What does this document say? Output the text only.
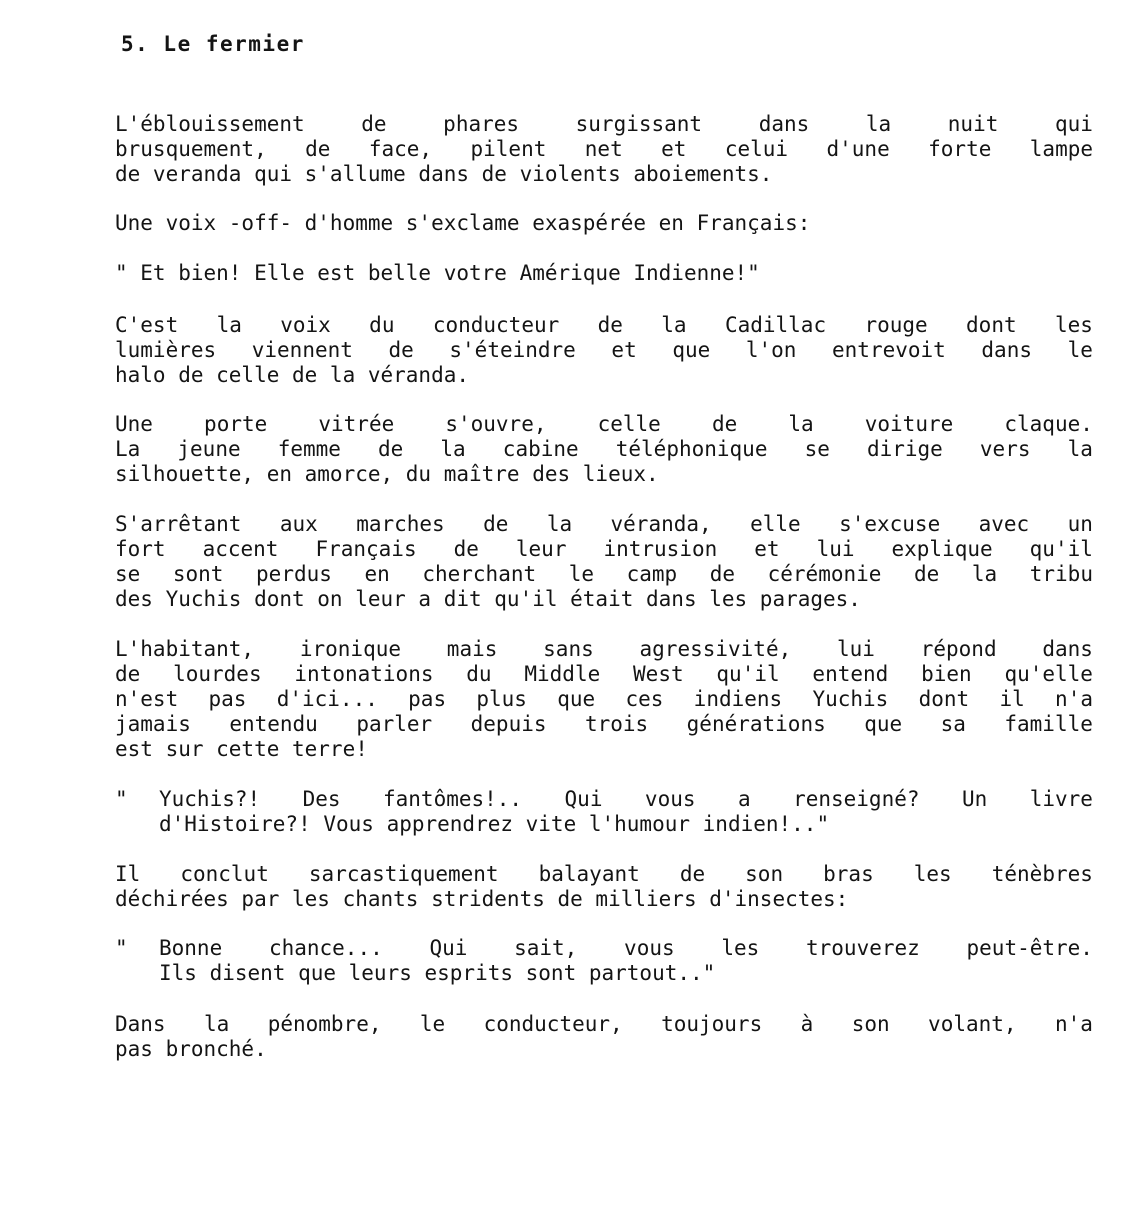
5. Le fermier
L'éblouissement	de	phares	surgissant	dans	la	nuit	qui
brusquement, de face, pilent net et celui d'une forte lampe
de veranda qui s'allume dans de violents aboiements.
Une voix -off- d'homme s'exclame exaspérée en Français:
" Et bien! Elle est belle votre Amérique Indienne!"
C'est la voix du conducteur de la Cadillac rouge dont les
lumières viennent de s'éteindre et que l'on entrevoit dans le
halo de celle de la véranda.
Une porte vitrée s'ouvre, celle de la voiture claque.
La jeune femme de la cabine téléphonique se dirige vers la
silhouette, en amorce, du maître des lieux.
S'arrêtant aux marches de la véranda, elle s'excuse avec un
fort accent Français de leur intrusion et lui explique qu'il
se sont perdus en cherchant le camp de cérémonie de la tribu
des Yuchis dont on leur a dit qu'il était dans les parages.
L'habitant, ironique mais sans agressivité, lui répond dans
de lourdes intonations du Middle West qu'il entend bien qu'elle
n'est pas d'ici... pas plus que ces indiens Yuchis dont il n'a
jamais entendu parler depuis trois générations que sa famille
est sur cette terre!
" Yuchis?! Des fantômes!.. Qui vous a renseigné? Un livre
d'Histoire?! Vous apprendrez vite l'humour indien!.."
Il conclut sarcastiquement balayant de son bras les ténèbres
déchirées par les chants stridents de milliers d'insectes:
" Bonne chance... Qui sait, vous les trouverez peut-être.
Ils disent que leurs esprits sont partout.."
Dans la pénombre, le conducteur, toujours à son volant, n'a
pas bronché.
